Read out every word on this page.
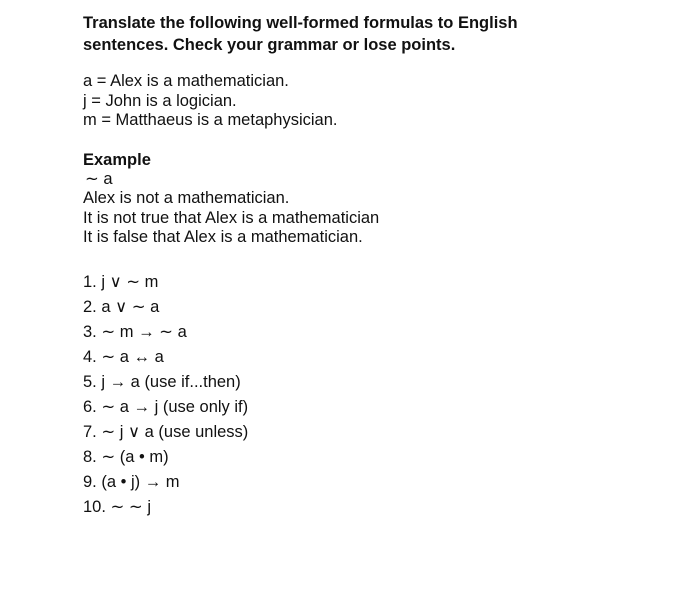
Translate the following well-formed formulas to English
sentences. Check your grammar or lose points.
a = Alex is a mathematician.
j = John is a logician.
m = Matthaeus is a metaphysician.
Example
∼ a
Alex is not a mathematician.
It is not true that Alex is a mathematician
It is false that Alex is a mathematician.
1. j ∨ ∼ m
2. a ∨ ∼ a
3. ∼ m → ∼ a
4. ∼ a ↔ a
5. j → a (use if...then)
6. ∼ a → j (use only if)
7. ∼ j ∨ a (use unless)
8. ∼ (a • m)
9. (a • j) → m
10. ∼ ∼ j
